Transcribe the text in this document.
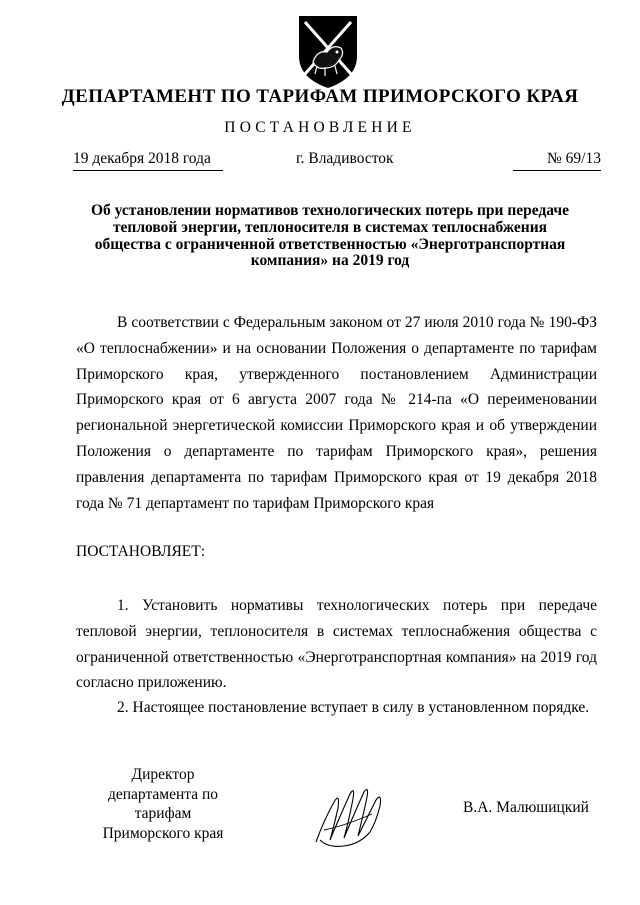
ДЕПАРТАМЕНТ ПО ТАРИФАМ ПРИМОРСКОГО КРАЯ
ПОСТАНОВЛЕНИЕ
19 декабря 2018 года	г. Владивосток	№ 69/13
Об установлении нормативов технологических потерь при передаче тепловой энергии, теплоносителя в системах теплоснабжения общества с ограниченной ответственностью «Энерготранспортная компания» на 2019 год

В соответствии с Федеральным законом от 27 июля 2010 года № 190-ФЗ «О теплоснабжении» и на основании Положения о департаменте по тарифам Приморского края, утвержденного постановлением Администрации Приморского края от 6 августа 2007 года № 214-па «О переименовании региональной энергетической комиссии Приморского края и об утверждении Положения о департаменте по тарифам Приморского края», решения правления департамента по тарифам Приморского края от 19 декабря 2018 года № 71 департамент по тарифам Приморского края

ПОСТАНОВЛЯЕТ:

1. Установить нормативы технологических потерь при передаче тепловой энергии, теплоносителя в системах теплоснабжения общества с ограниченной ответственностью «Энерготранспортная компания» на 2019 год согласно приложению.

2. Настоящее постановление вступает в силу в установленном порядке.

Директор
департамента по тарифам
Приморского края
В.А. Малюшицкий
